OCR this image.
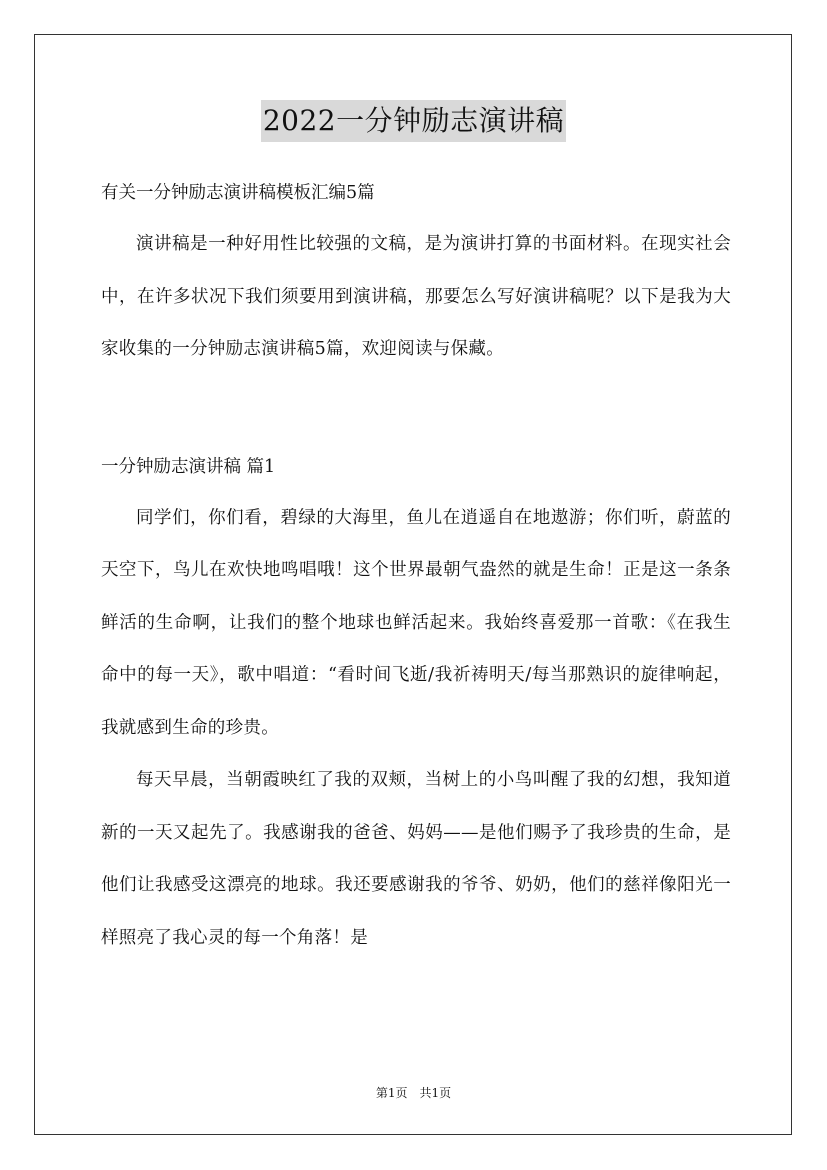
2022一分钟励志演讲稿

有关一分钟励志演讲稿模板汇编5篇

演讲稿是一种好用性比较强的文稿，是为演讲打算的书面材料。在现实社会中，在许多状况下我们须要用到演讲稿，那要怎么写好演讲稿呢？以下是我为大家收集的一分钟励志演讲稿5篇，欢迎阅读与保藏。

一分钟励志演讲稿 篇1

同学们，你们看，碧绿的大海里，鱼儿在逍遥自在地遨游；你们听，蔚蓝的天空下，鸟儿在欢快地鸣唱哦！这个世界最朝气盎然的就是生命！正是这一条条鲜活的生命啊，让我们的整个地球也鲜活起来。我始终喜爱那一首歌：《在我生命中的每一天》，歌中唱道：“看时间飞逝/我祈祷明天/每当那熟识的旋律响起，我就感到生命的珍贵。

每天早晨，当朝霞映红了我的双颊，当树上的小鸟叫醒了我的幻想，我知道新的一天又起先了。我感谢我的爸爸、妈妈——是他们赐予了我珍贵的生命，是他们让我感受这漂亮的地球。我还要感谢我的爷爷、奶奶，他们的慈祥像阳光一样照亮了我心灵的每一个角落！是

第1页　共1页
